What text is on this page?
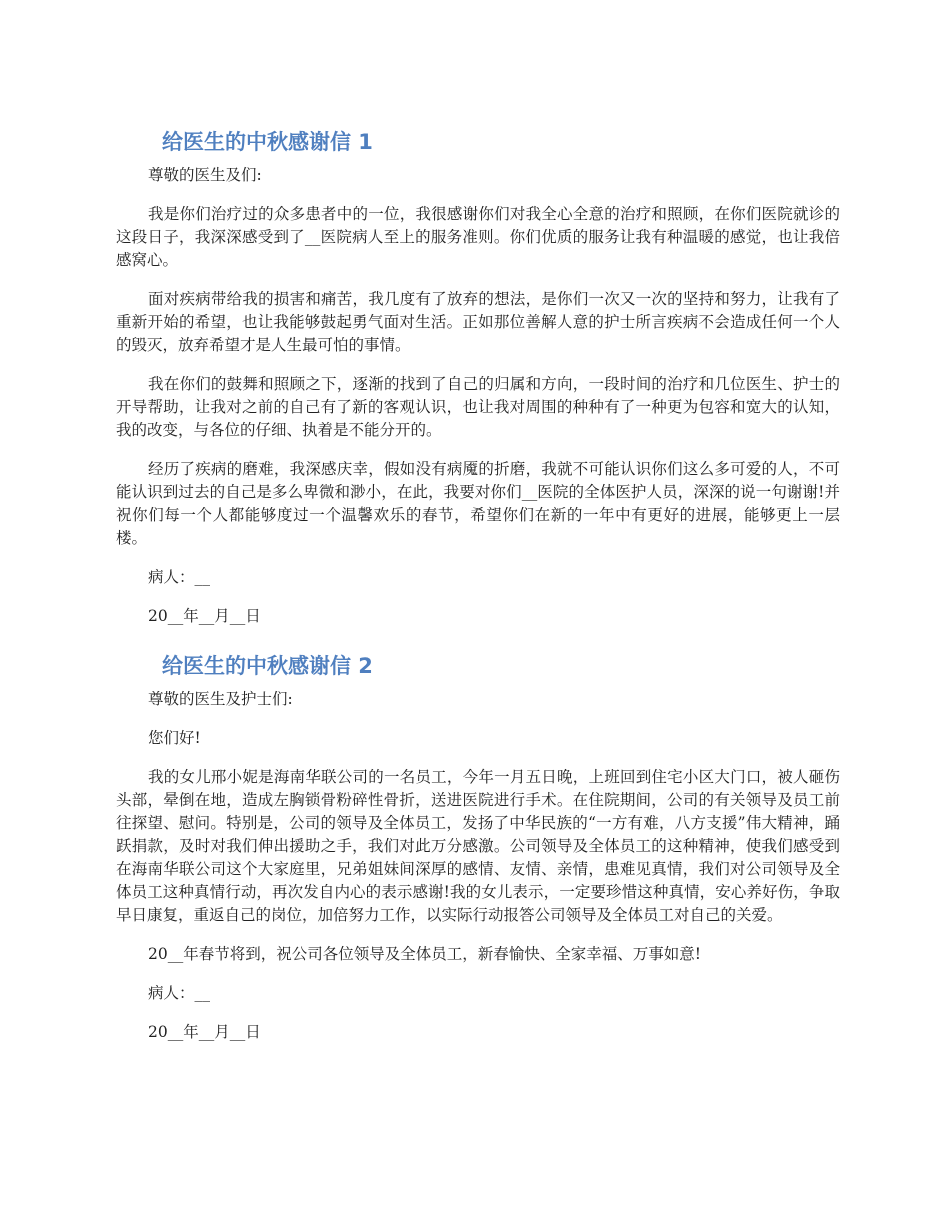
给医生的中秋感谢信 1

尊敬的医生及们:

我是你们治疗过的众多患者中的一位，我很感谢你们对我全心全意的治疗和照顾，在你们医院就诊的这段日子，我深深感受到了__医院病人至上的服务准则。你们优质的服务让我有种温暖的感觉，也让我倍感窝心。

面对疾病带给我的损害和痛苦，我几度有了放弃的想法，是你们一次又一次的坚持和努力，让我有了重新开始的希望，也让我能够鼓起勇气面对生活。正如那位善解人意的护士所言疾病不会造成任何一个人的毁灭，放弃希望才是人生最可怕的事情。

我在你们的鼓舞和照顾之下，逐渐的找到了自己的归属和方向，一段时间的治疗和几位医生、护士的开导帮助，让我对之前的自己有了新的客观认识，也让我对周围的种种有了一种更为包容和宽大的认知，我的改变，与各位的仔细、执着是不能分开的。

经历了疾病的磨难，我深感庆幸，假如没有病魇的折磨，我就不可能认识你们这么多可爱的人，不可能认识到过去的自己是多么卑微和渺小，在此，我要对你们__医院的全体医护人员，深深的说一句谢谢!并祝你们每一个人都能够度过一个温馨欢乐的春节，希望你们在新的一年中有更好的进展，能够更上一层楼。

病人：__

20__年__月__日

给医生的中秋感谢信 2

尊敬的医生及护士们:

您们好!

我的女儿邢小妮是海南华联公司的一名员工，今年一月五日晚，上班回到住宅小区大门口，被人砸伤头部，晕倒在地，造成左胸锁骨粉碎性骨折，送进医院进行手术。在住院期间，公司的有关领导及员工前往探望、慰问。特别是，公司的领导及全体员工，发扬了中华民族的“一方有难，八方支援”伟大精神，踊跃捐款，及时对我们伸出援助之手，我们对此万分感激。公司领导及全体员工的这种精神，使我们感受到在海南华联公司这个大家庭里，兄弟姐妹间深厚的感情、友情、亲情，患难见真情，我们对公司领导及全体员工这种真情行动，再次发自内心的表示感谢!我的女儿表示，一定要珍惜这种真情，安心养好伤，争取早日康复，重返自己的岗位，加倍努力工作，以实际行动报答公司领导及全体员工对自己的关爱。

20__年春节将到，祝公司各位领导及全体员工，新春愉快、全家幸福、万事如意!

病人：__

20__年__月__日
